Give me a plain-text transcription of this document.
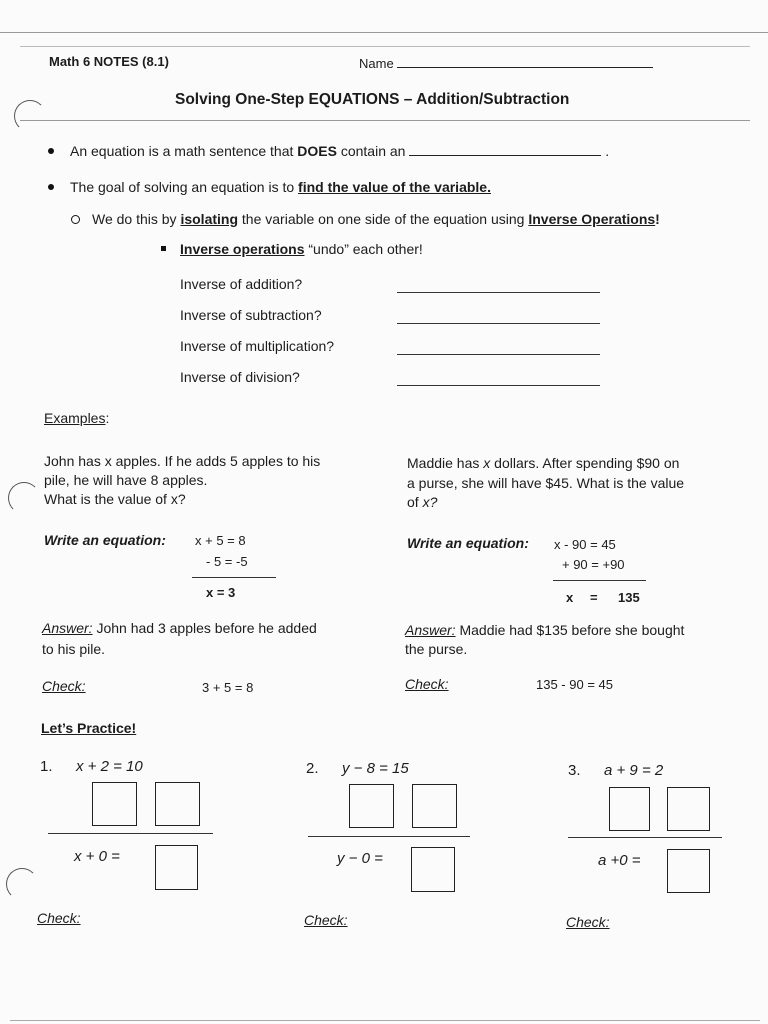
Math 6 NOTES (8.1)	Name
Solving One-Step EQUATIONS – Addition/Subtraction
An equation is a math sentence that DOES contain an	.
The goal of solving an equation is to find the value of the variable.
We do this by isolating the variable on one side of the equation using Inverse Operations!
Inverse operations “undo” each other!
Inverse of addition?
Inverse of subtraction?
Inverse of multiplication?
Inverse of division?
Examples:
John has x apples. If he adds 5 apples to his
pile, he will have 8 apples.
What is the value of x?
Write an equation: x + 5 = 8
- 5 = -5
x = 3
Answer: John had 3 apples before he added
to his pile.
Check:	3 + 5 = 8
Maddie has x dollars. After spending $90 on
a purse, she will have $45. What is the value
of x?
Write an equation: x - 90 = 45
+ 90 = +90
x = 135
Answer: Maddie had $135 before she bought
the purse.
Check:	135 - 90 = 45
Let’s Practice!
1. x + 2 = 10
x + 0 =
Check:
2. y − 8 = 15
y − 0 =
Check:
3. a + 9 = 2
a +0 =
Check:
